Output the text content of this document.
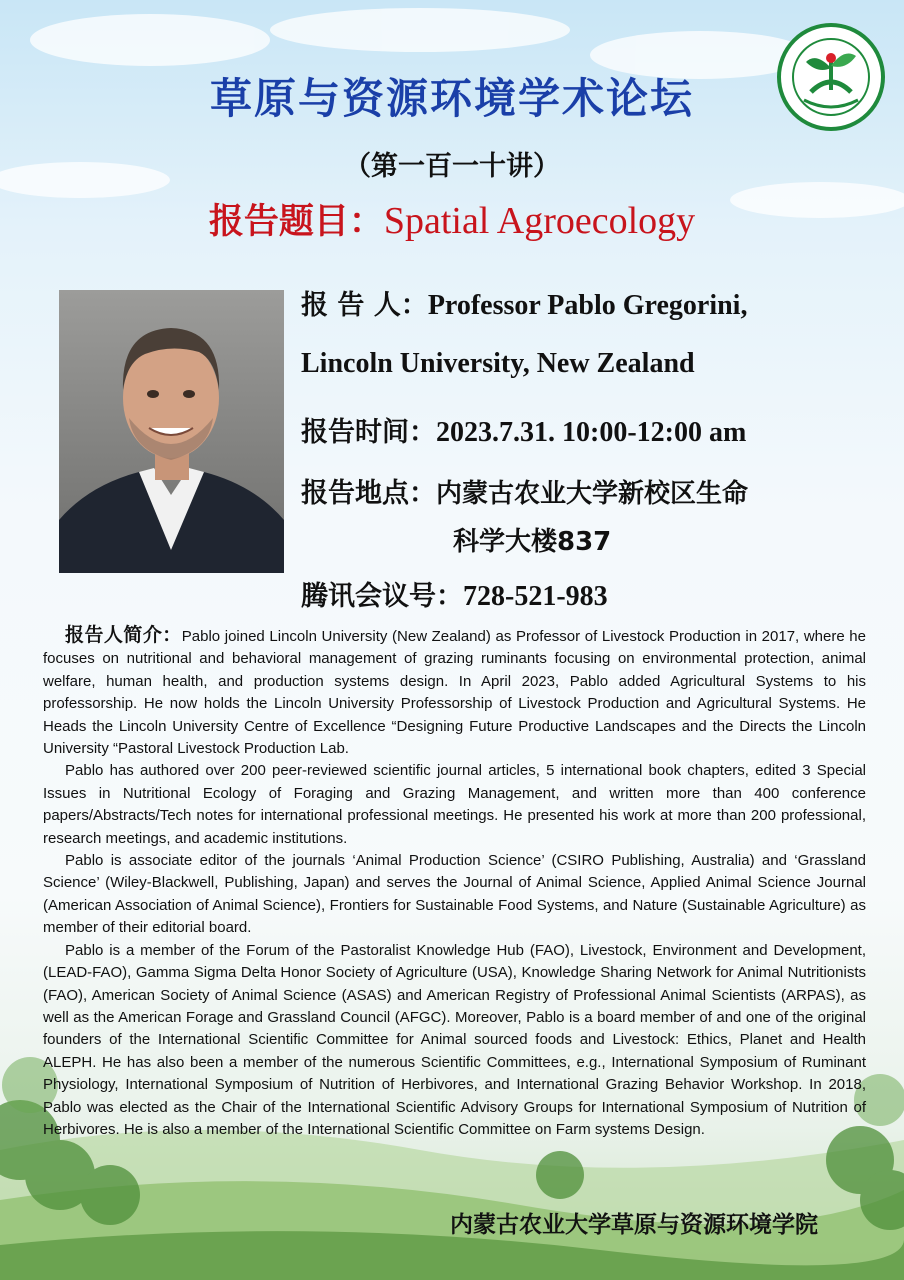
草原与资源环境学术论坛
（第一百一十讲）
报告题目：Spatial Agroecology
报 告 人：Professor Pablo Gregorini,
Lincoln University, New Zealand
报告时间：2023.7.31. 10:00-12:00 am
报告地点：内蒙古农业大学新校区生命
科学大楼837
腾讯会议号：728-521-983

报告人简介：Pablo joined Lincoln University (New Zealand) as Professor of Livestock Production in 2017, where he focuses on nutritional and behavioral management of grazing ruminants focusing on environmental protection, animal welfare, human health, and production systems design. In April 2023, Pablo added Agricultural Systems to his professorship. He now holds the Lincoln University Professorship of Livestock Production and Agricultural Systems. He Heads the Lincoln University Centre of Excellence “Designing Future Productive Landscapes and the Directs the Lincoln University “Pastoral Livestock Production Lab.

Pablo has authored over 200 peer-reviewed scientific journal articles, 5 international book chapters, edited 3 Special Issues in Nutritional Ecology of Foraging and Grazing Management, and written more than 400 conference papers/Abstracts/Tech notes for international professional meetings. He presented his work at more than 200 professional, research meetings, and academic institutions.

Pablo is associate editor of the journals ‘Animal Production Science’ (CSIRO Publishing, Australia) and ‘Grassland Science’ (Wiley-Blackwell, Publishing, Japan) and serves the Journal of Animal Science, Applied Animal Science Journal (American Association of Animal Science), Frontiers for Sustainable Food Systems, and Nature (Sustainable Agriculture) as member of their editorial board.

Pablo is a member of the Forum of the Pastoralist Knowledge Hub (FAO), Livestock, Environment and Development, (LEAD-FAO), Gamma Sigma Delta Honor Society of Agriculture (USA), Knowledge Sharing Network for Animal Nutritionists (FAO), American Society of Animal Science (ASAS) and American Registry of Professional Animal Scientists (ARPAS), as well as the American Forage and Grassland Council (AFGC). Moreover, Pablo is a board member of and one of the original founders of the International Scientific Committee for Animal sourced foods and Livestock: Ethics, Planet and Health ALEPH. He has also been a member of the numerous Scientific Committees, e.g., International Symposium of Ruminant Physiology, International Symposium of Nutrition of Herbivores, and International Grazing Behavior Workshop. In 2018, Pablo was elected as the Chair of the International Scientific Advisory Groups for International Symposium of Nutrition of Herbivores. He is also a member of the International Scientific Committee on Farm systems Design.

内蒙古农业大学草原与资源环境学院
